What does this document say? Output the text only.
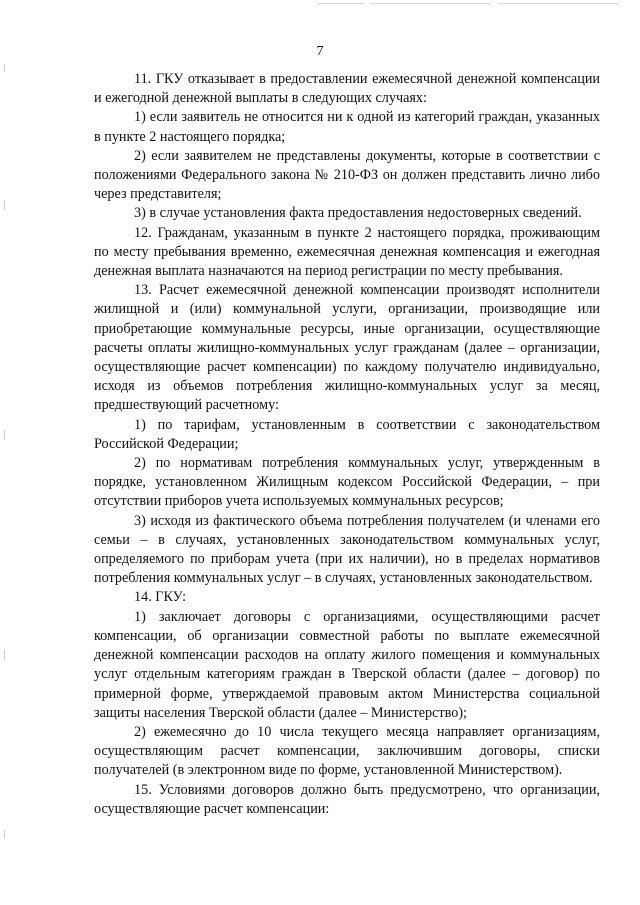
7

11. ГКУ отказывает в предоставлении ежемесячной денежной компенсации и ежегодной денежной выплаты в следующих случаях:

1) если заявитель не относится ни к одной из категорий граждан, указанных в пункте 2 настоящего порядка;

2) если заявителем не представлены документы, которые в соответствии с положениями Федерального закона № 210-ФЗ он должен представить лично либо через представителя;

3) в случае установления факта предоставления недостоверных сведений.

12. Гражданам, указанным в пункте 2 настоящего порядка, проживающим по месту пребывания временно, ежемесячная денежная компенсация и ежегодная денежная выплата назначаются на период регистрации по месту пребывания.

13. Расчет ежемесячной денежной компенсации производят исполнители жилищной и (или) коммунальной услуги, организации, производящие или приобретающие коммунальные ресурсы, иные организации, осуществляющие расчеты оплаты жилищно-коммунальных услуг гражданам (далее – организации, осуществляющие расчет компенсации) по каждому получателю индивидуально, исходя из объемов потребления жилищно-коммунальных услуг за месяц, предшествующий расчетному:

1) по тарифам, установленным в соответствии с законодательством Российской Федерации;

2) по нормативам потребления коммунальных услуг, утвержденным в порядке, установленном Жилищным кодексом Российской Федерации, – при отсутствии приборов учета используемых коммунальных ресурсов;

3) исходя из фактического объема потребления получателем (и членами его семьи – в случаях, установленных законодательством коммунальных услуг, определяемого по приборам учета (при их наличии), но в пределах нормативов потребления коммунальных услуг – в случаях, установленных законодательством.

14. ГКУ:

1) заключает договоры с организациями, осуществляющими расчет компенсации, об организации совместной работы по выплате ежемесячной денежной компенсации расходов на оплату жилого помещения и коммунальных услуг отдельным категориям граждан в Тверской области (далее – договор) по примерной форме, утверждаемой правовым актом Министерства социальной защиты населения Тверской области (далее – Министерство);

2) ежемесячно до 10 числа текущего месяца направляет организациям, осуществляющим расчет компенсации, заключившим договоры, списки получателей (в электронном виде по форме, установленной Министерством).

15. Условиями договоров должно быть предусмотрено, что организации, осуществляющие расчет компенсации:
